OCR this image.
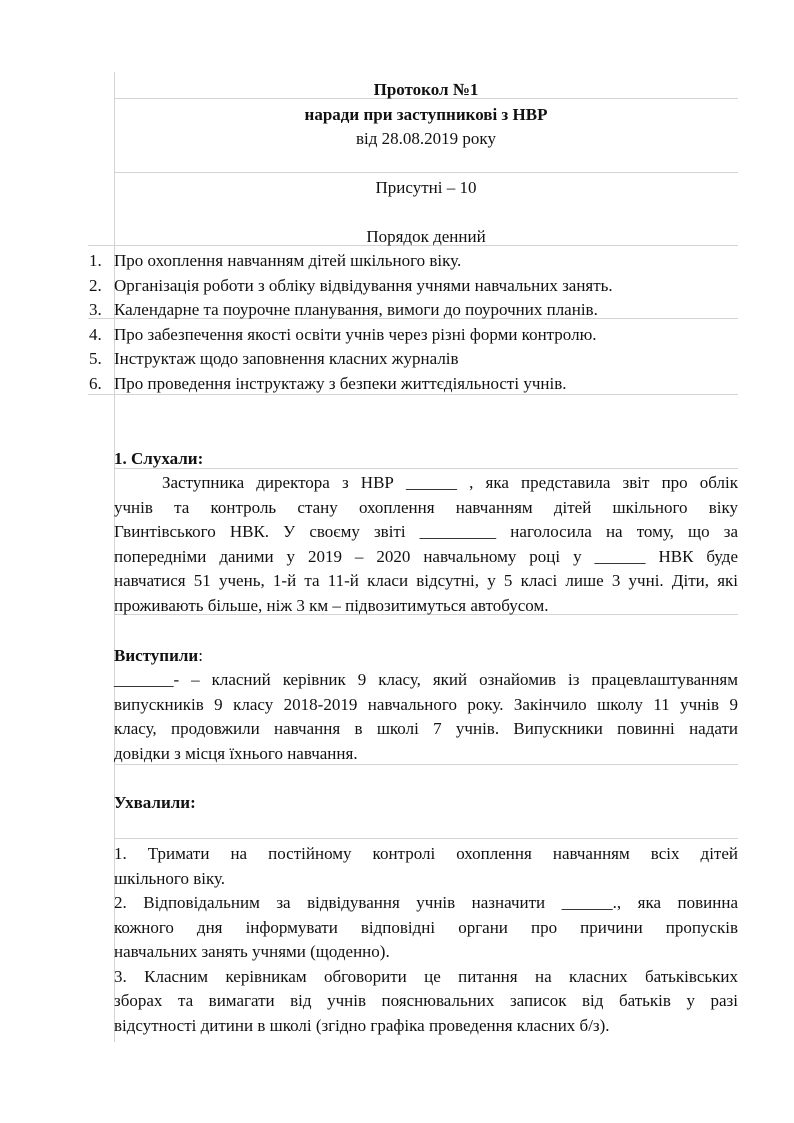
Протокол №1
наради при заступникові з НВР
від 28.08.2019 року
Присутні – 10
Порядок денний
1. Про охоплення навчанням дітей шкільного віку.
2. Організація роботи з обліку відвідування учнями навчальних занять.
3. Календарне та поурочне планування, вимоги до поурочних планів.
4. Про забезпечення якості освіти учнів через різні форми контролю.
5. Інструктаж щодо заповнення класних журналів
6. Про проведення інструктажу з безпеки життєдіяльності учнів.
1. Слухали:
Заступника директора з НВР ______ , яка представила звіт про облік
учнів та контроль стану охоплення навчанням дітей шкільного віку
Гвинтівського НВК. У своєму звіті _________ наголосила на тому, що за
попередніми даними у 2019 – 2020 навчальному році у ______ НВК буде
навчатися 51 учень, 1-й та 11-й класи відсутні, у 5 класі лише 3 учні. Діти, які
проживають більше, ніж 3 км – підвозитимуться автобусом.
Виступили:
_______- – класний керівник 9 класу, який ознайомив із працевлаштуванням
випускників 9 класу 2018-2019 навчального року. Закінчило школу 11 учнів 9
класу, продовжили навчання в школі 7 учнів. Випускники повинні надати
довідки з місця їхнього навчання.
Ухвалили:
1. Тримати на постійному контролі охоплення навчанням всіх дітей
шкільного віку.
2. Відповідальним за відвідування учнів назначити ______., яка повинна
кожного дня інформувати відповідні органи про причини пропусків
навчальних занять учнями (щоденно).
3. Класним керівникам обговорити це питання на класних батьківських
зборах та вимагати від учнів пояснювальних записок від батьків у разі
відсутності дитини в школі (згідно графіка проведення класних б/з).
